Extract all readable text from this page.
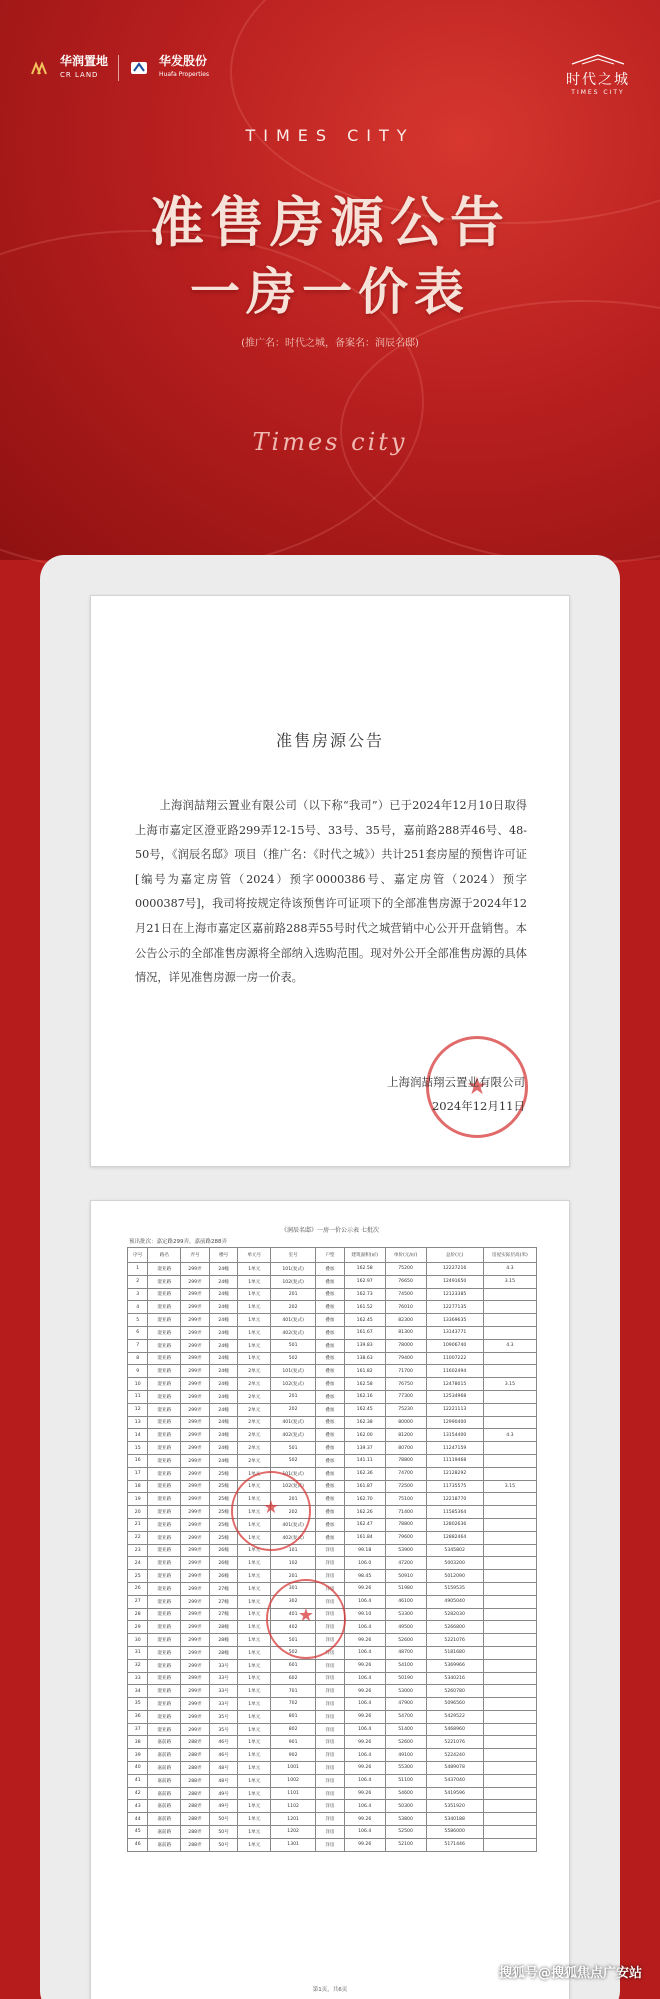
华润置地
CR LAND
华发股份
Huafa Properties	时代之城
TIMES CITY
TIMES CITY
准售房源公告
一房一价表
(推广名：时代之城，备案名：润辰名邸)
Times city
准售房源公告
上海润喆翔云置业有限公司（以下称“我司”）已于2024年12月10日取得上海市嘉定区澄亚路299弄12-15号、33号、35号，嘉前路288弄46号、48-50号，《润辰名邸》项目（推广名：《时代之城》）共计251套房屋的预售许可证[编号为嘉定房管（2024）预字0000386号、嘉定房管（2024）预字0000387号]，我司将按规定待该预售许可证项下的全部准售房源于2024年12月21日在上海市嘉定区嘉前路288弄55号时代之城营销中心公开开盘销售。本公告公示的全部准售房源将全部纳入选购范围。现对外公开全部准售房源的具体情况，详见准售房源一房一价表。
★
上海润喆翔云置业有限公司
2024年12月11日
《润辰名邸》一房一价公示表 七批次
预出批次：嘉定路299弄，嘉前路288弄
序号	路名	弄号	楼号	单元号	室号	户型	建筑面积(㎡)	单价(元/㎡)	总价(元)	房屋实际层高(米)
1	澄亚路	299弄	24幢	1单元	101(复式)	叠加	162.58	75200	12227216	4.3
2	澄亚路	299弄	24幢	1单元	102(复式)	叠加	162.97	76650	12491650	3.15
3	澄亚路	299弄	24幢	1单元	201	叠加	162.73	74500	12123385	
4	澄亚路	299弄	24幢	1单元	202	叠加	161.52	76010	12277135	
5	澄亚路	299弄	24幢	1单元	401(复式)	叠加	162.45	82300	13369635	
6	澄亚路	299弄	24幢	1单元	402(复式)	叠加	161.67	81300	13143771	
7	澄亚路	299弄	24幢	1单元	501	叠加	139.83	78000	10906740	4.3
8	澄亚路	299弄	24幢	1单元	502	叠加	138.63	79400	11007222	
9	澄亚路	299弄	24幢	2单元	101(复式)	叠加	161.82	71700	11602494	
10	澄亚路	299弄	24幢	2单元	102(复式)	叠加	162.58	76750	12478015	3.15
11	澄亚路	299弄	24幢	2单元	201	叠加	162.16	77300	12534968	
12	澄亚路	299弄	24幢	2单元	202	叠加	162.45	75230	12221113	
13	澄亚路	299弄	24幢	2单元	401(复式)	叠加	162.38	80000	12990400	
14	澄亚路	299弄	24幢	2单元	402(复式)	叠加	162.00	81200	13154400	4.3
15	澄亚路	299弄	24幢	2单元	501	叠加	139.37	80700	11247159	
16	澄亚路	299弄	24幢	2单元	502	叠加	141.11	78800	11119468	
17	澄亚路	299弄	25幢	1单元	101(复式)	叠加	162.36	74700	12128292	
18	澄亚路	299弄	25幢	1单元	102(复式)	叠加	161.87	72500	11735575	3.15
19	澄亚路	299弄	25幢	1单元	201	叠加	162.70	75100	12218770	
20	澄亚路	299弄	25幢	1单元	202	叠加	162.26	71400	11585364	
21	澄亚路	299弄	25幢	1单元	401(复式)	叠加	162.47	78800	12802636	
22	澄亚路	299弄	25幢	1单元	402(复式)	叠加	161.84	79600	12882464	
23	澄亚路	299弄	26幢	1单元	101	洋房	99.18	53900	5345802	
24	澄亚路	299弄	26幢	1单元	102	洋房	106.0	47200	5003200	
25	澄亚路	299弄	26幢	1单元	201	洋房	98.45	50910	5012090	
26	澄亚路	299弄	27幢	1单元	301	洋房	99.26	51980	5159535	
27	澄亚路	299弄	27幢	1单元	302	洋房	106.4	46100	4905040	
28	澄亚路	299弄	27幢	1单元	401	洋房	99.10	53300	5282030	
29	澄亚路	299弄	28幢	1单元	402	洋房	106.4	49500	5266800	
30	澄亚路	299弄	28幢	1单元	501	洋房	99.26	52600	5221076	
31	澄亚路	299弄	28幢	1单元	502	洋房	106.4	48700	5181680	
32	澄亚路	299弄	33号	1单元	601	洋房	99.26	54100	5369966	
33	澄亚路	299弄	33号	1单元	602	洋房	106.4	50190	5340216	
34	澄亚路	299弄	33号	1单元	701	洋房	99.26	53000	5260780	
35	澄亚路	299弄	33号	1单元	702	洋房	106.4	47900	5096560	
36	澄亚路	299弄	35号	1单元	801	洋房	99.26	54700	5429522	
37	澄亚路	299弄	35号	1单元	802	洋房	106.4	51400	5468960	
38	嘉前路	288弄	46号	1单元	901	洋房	99.26	52600	5221076	
39	嘉前路	288弄	46号	1单元	902	洋房	106.4	49100	5224240	
40	嘉前路	288弄	48号	1单元	1001	洋房	99.26	55300	5489078	
41	嘉前路	288弄	48号	1单元	1002	洋房	106.4	51100	5437040	
42	嘉前路	288弄	49号	1单元	1101	洋房	99.26	54600	5419596	
43	嘉前路	288弄	49号	1单元	1102	洋房	106.4	50300	5351920	
44	嘉前路	288弄	50号	1单元	1201	洋房	99.26	53800	5340188	
45	嘉前路	288弄	50号	1单元	1202	洋房	106.4	52500	5586000	
46	嘉前路	288弄	50号	1单元	1301	洋房	99.26	52100	5171446	
★
★
第1页，共6页
搜狐号@搜狐焦点广安站
